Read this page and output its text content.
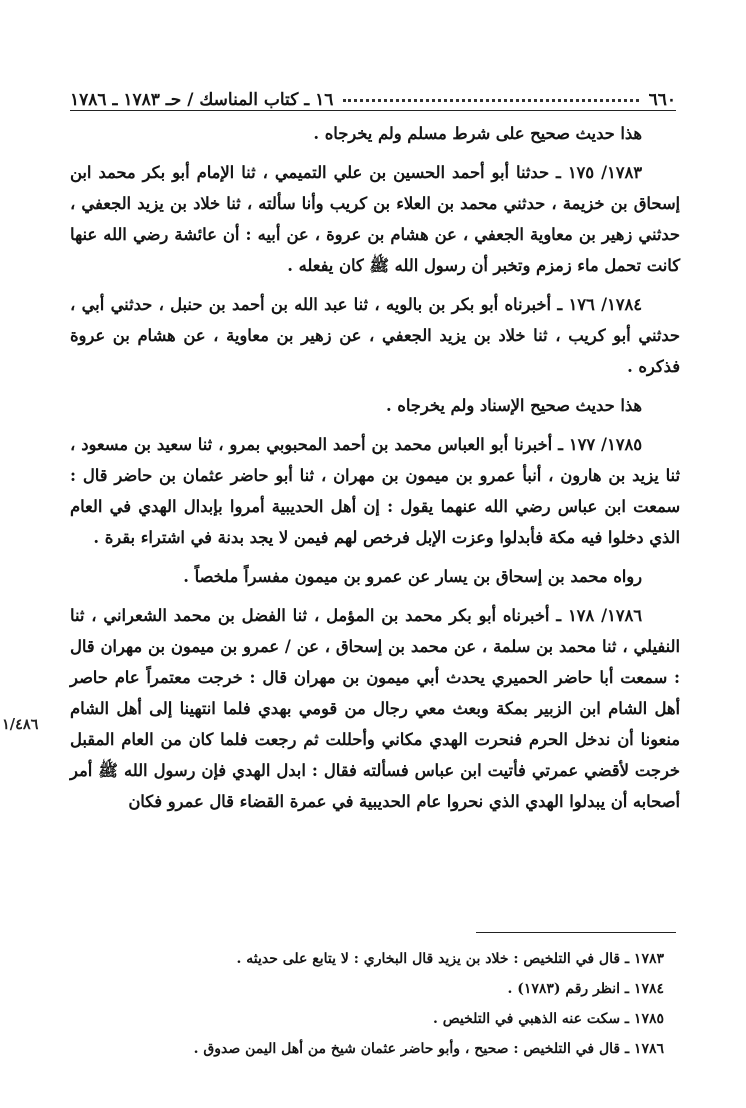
٦٦٠
١٦ ـ كتاب المناسك / حـ ١٧٨٣ ـ ١٧٨٦
١/٤٨٦

هذا حديث صحيح على شرط مسلم ولم يخرجاه .

١٧٨٣/ ١٧٥ ـ حدثنا أبو أحمد الحسين بن علي التميمي ، ثنا الإمام أبو بكر محمد ابن إسحاق بن خزيمة ، حدثني محمد بن العلاء بن كريب وأنا سألته ، ثنا خلاد بن يزيد الجعفي ، حدثني زهير بن معاوية الجعفي ، عن هشام بن عروة ، عن أبيه : أن عائشة رضي الله عنها كانت تحمل ماء زمزم وتخبر أن رسول الله ﷺ كان يفعله .

١٧٨٤/ ١٧٦ ـ أخبرناه أبو بكر بن بالويه ، ثنا عبد الله بن أحمد بن حنبل ، حدثني أبي ، حدثني أبو كريب ، ثنا خلاد بن يزيد الجعفي ، عن زهير بن معاوية ، عن هشام بن عروة فذكره .

هذا حديث صحيح الإسناد ولم يخرجاه .

١٧٨٥/ ١٧٧ ـ أخبرنا أبو العباس محمد بن أحمد المحبوبي بمرو ، ثنا سعيد بن مسعود ، ثنا يزيد بن هارون ، أنبأ عمرو بن ميمون بن مهران ، ثنا أبو حاضر عثمان بن حاضر قال : سمعت ابن عباس رضي الله عنهما يقول : إن أهل الحديبية أمروا بإبدال الهدي في العام الذي دخلوا فيه مكة فأبدلوا وعزت الإبل فرخص لهم فيمن لا يجد بدنة في اشتراء بقرة .

رواه محمد بن إسحاق بن يسار عن عمرو بن ميمون مفسراً ملخصاً .

١٧٨٦/ ١٧٨ ـ أخبرناه أبو بكر محمد بن المؤمل ، ثنا الفضل بن محمد الشعراني ، ثنا النفيلي ، ثنا محمد بن سلمة ، عن محمد بن إسحاق ، عن / عمرو بن ميمون بن مهران قال : سمعت أبا حاضر الحميري يحدث أبي ميمون بن مهران قال : خرجت معتمراً عام حاصر أهل الشام ابن الزبير بمكة وبعث معي رجال من قومي بهدي فلما انتهينا إلى أهل الشام منعونا أن ندخل الحرم فنحرت الهدي مكاني وأحللت ثم رجعت فلما كان من العام المقبل خرجت لأقضي عمرتي فأتيت ابن عباس فسألته فقال : ابدل الهدي فإن رسول الله ﷺ أمر أصحابه أن يبدلوا الهدي الذي نحروا عام الحديبية في عمرة القضاء قال عمرو فكان

١٧٨٣ ـ قال في التلخيص : خلاد بن يزيد قال البخاري : لا يتابع على حديثه .
١٧٨٤ ـ انظر رقم (١٧٨٣) .
١٧٨٥ ـ سكت عنه الذهبي في التلخيص .
١٧٨٦ ـ قال في التلخيص : صحيح ، وأبو حاضر عثمان شيخ من أهل اليمن صدوق .
